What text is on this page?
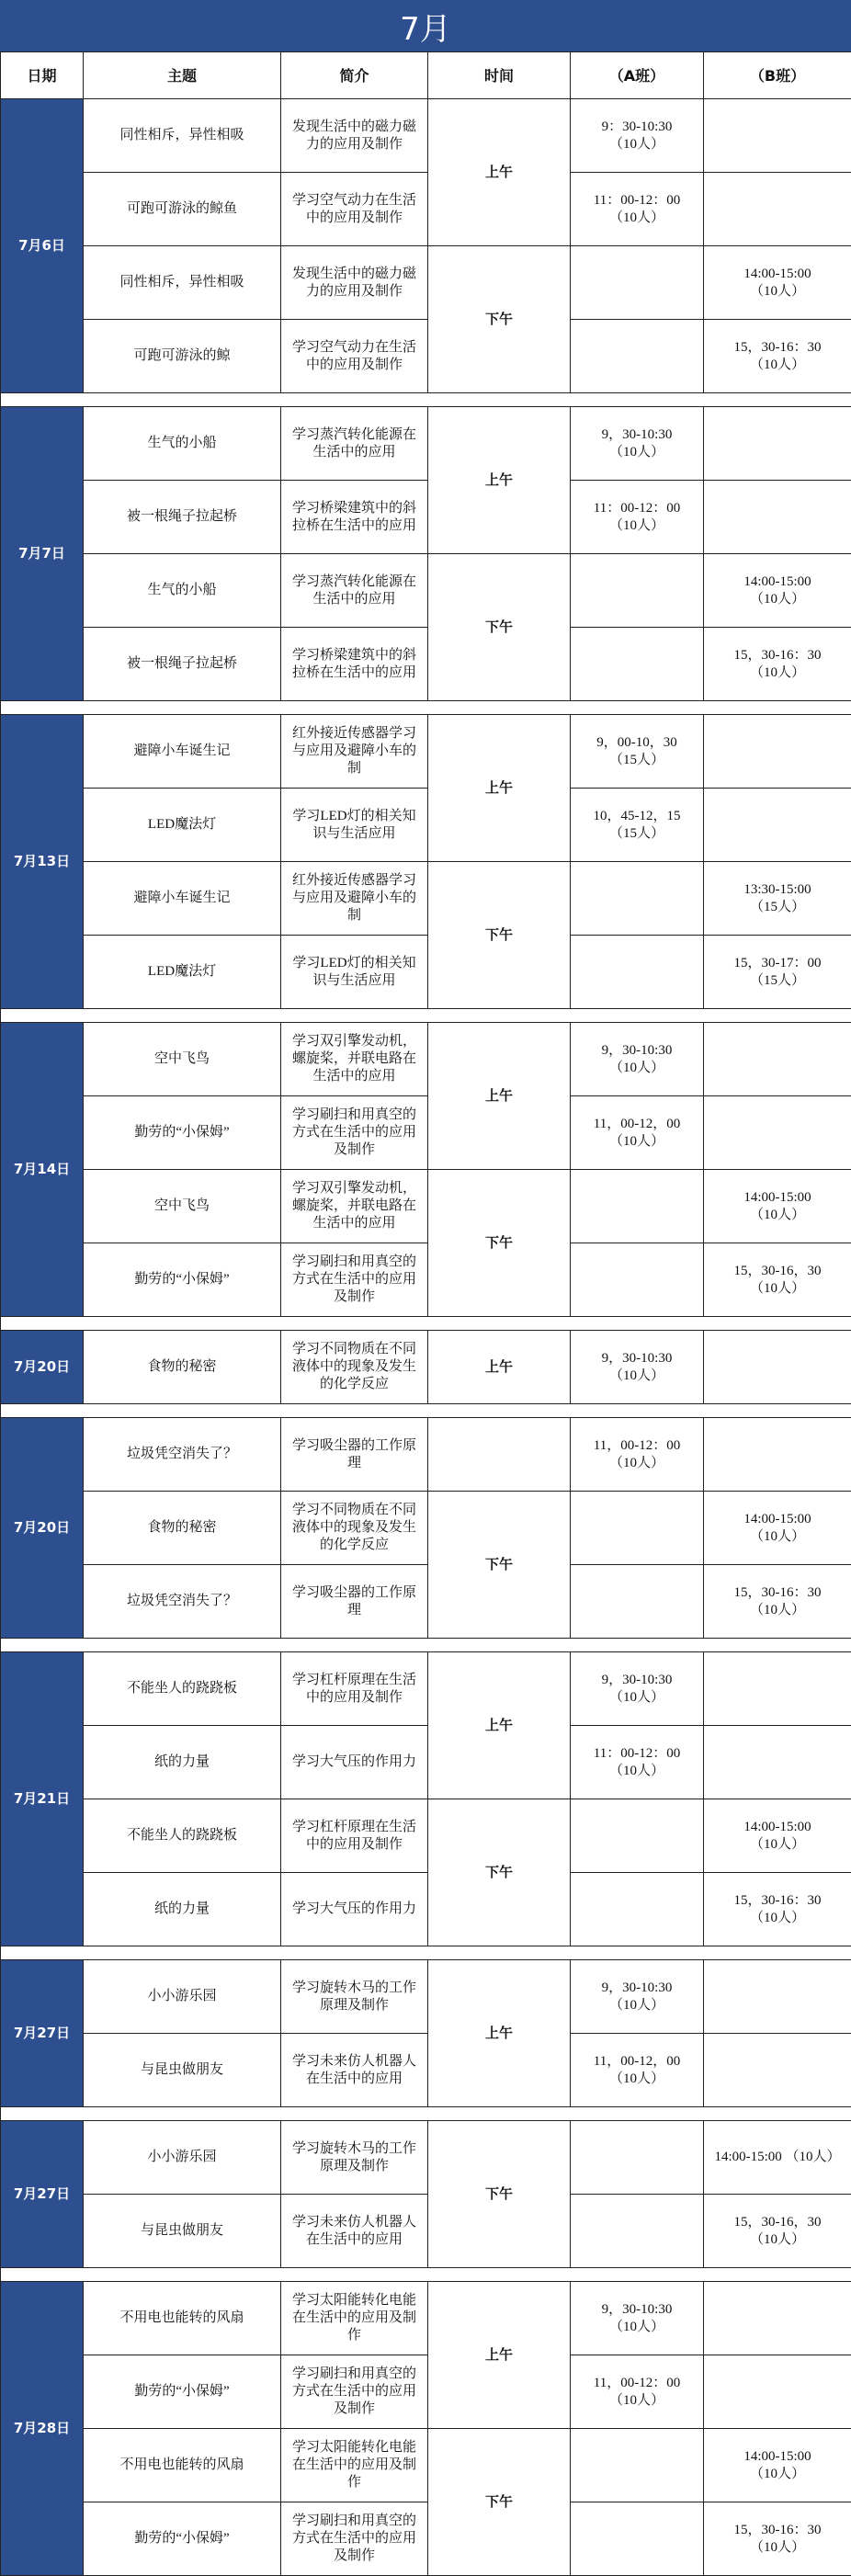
7月
日期	主题	简介	时间	（A班）	（B班）
7月6日	同性相斥，异性相吸	发现生活中的磁力磁力的应用及制作	上午	9：30-10:30
（10人）	
	可跑可游泳的鲸鱼	学习空气动力在生活中的应用及制作		11：00-12：00
（10人）	
	同性相斥，异性相吸	发现生活中的磁力磁力的应用及制作	下午		14:00-15:00
（10人）
	可跑可游泳的鲸	学习空气动力在生活中的应用及制作			15，30-16：30
（10人）

7月7日	生气的小船	学习蒸汽转化能源在生活中的应用	上午	9，30-10:30
（10人）	
	被一根绳子拉起桥	学习桥梁建筑中的斜拉桥在生活中的应用		11：00-12：00
（10人）	
	生气的小船	学习蒸汽转化能源在生活中的应用	下午		14:00-15:00
（10人）
	被一根绳子拉起桥	学习桥梁建筑中的斜拉桥在生活中的应用			15，30-16：30
（10人）

7月13日	避障小车诞生记	红外接近传感器学习与应用及避障小车的制	上午	9，00-10，30
（15人）	
	LED魔法灯	学习LED灯的相关知识与生活应用		10，45-12，15
（15人）	
	避障小车诞生记	红外接近传感器学习与应用及避障小车的制	下午		13:30-15:00
（15人）
	LED魔法灯	学习LED灯的相关知识与生活应用			15，30-17：00
（15人）

7月14日	空中飞鸟	学习双引擎发动机，螺旋桨，并联电路在生活中的应用	上午	9，30-10:30
（10人）	
	勤劳的“小保姆”	学习刷扫和用真空的方式在生活中的应用及制作		11，00-12，00
（10人）	
	空中飞鸟	学习双引擎发动机，螺旋桨，并联电路在生活中的应用	下午		14:00-15:00
（10人）
	勤劳的“小保姆”	学习刷扫和用真空的方式在生活中的应用及制作			15，30-16，30
（10人）

7月20日	食物的秘密	学习不同物质在不同液体中的现象及发生的化学反应	上午	9，30-10:30
（10人）	

7月20日	垃圾凭空消失了？	学习吸尘器的工作原理		11，00-12：00
（10人）	
	食物的秘密	学习不同物质在不同液体中的现象及发生的化学反应	下午		14:00-15:00
（10人）
	垃圾凭空消失了？	学习吸尘器的工作原理			15，30-16：30
（10人）

7月21日	不能坐人的跷跷板	学习杠杆原理在生活中的应用及制作	上午	9，30-10:30
（10人）	
	纸的力量	学习大气压的作用力		11：00-12：00
（10人）	
	不能坐人的跷跷板	学习杠杆原理在生活中的应用及制作	下午		14:00-15:00
（10人）
	纸的力量	学习大气压的作用力			15，30-16：30
（10人）

7月27日	小小游乐园	学习旋转木马的工作原理及制作	上午	9，30-10:30
（10人）	
	与昆虫做朋友	学习未来仿人机器人在生活中的应用		11，00-12，00
（10人）	

7月27日	小小游乐园	学习旋转木马的工作原理及制作	下午		14:00-15:00 （10人）
	与昆虫做朋友	学习未来仿人机器人在生活中的应用			15，30-16，30
（10人）

7月28日	不用电也能转的风扇	学习太阳能转化电能在生活中的应用及制作	上午	9，30-10:30
（10人）	
	勤劳的“小保姆”	学习刷扫和用真空的方式在生活中的应用及制作		11，00-12：00
（10人）	
	不用电也能转的风扇	学习太阳能转化电能在生活中的应用及制作	下午		14:00-15:00
（10人）
	勤劳的“小保姆”	学习刷扫和用真空的方式在生活中的应用及制作			15，30-16：30
（10人）
